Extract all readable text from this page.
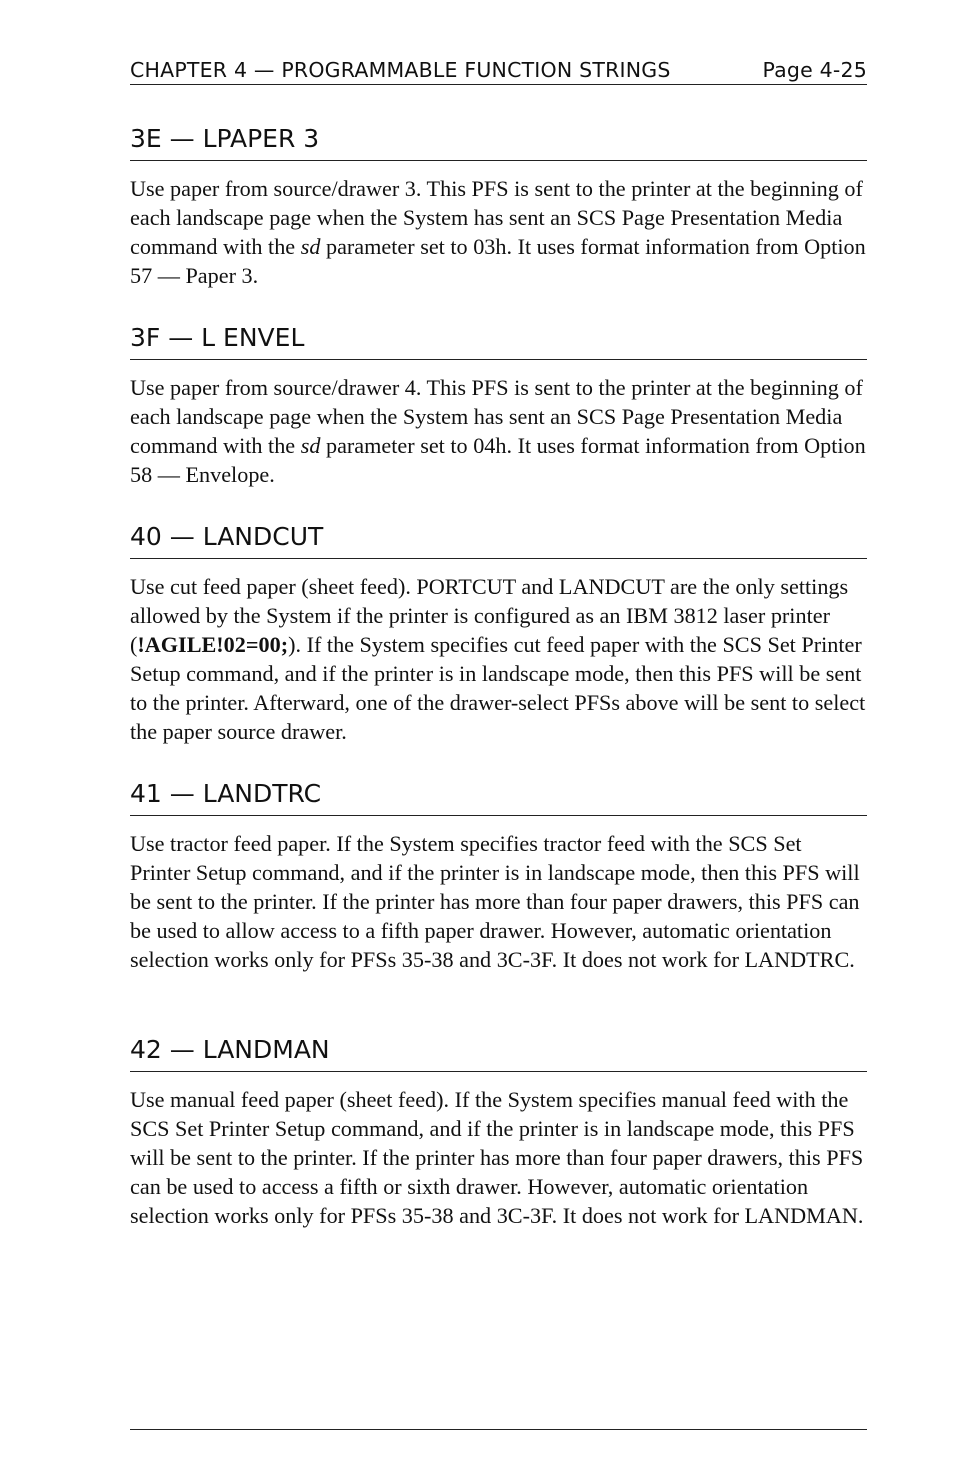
CHAPTER 4 — PROGRAMMABLE FUNCTION STRINGS	Page 4-25
3E — LPAPER 3

Use paper from source/drawer 3. This PFS is sent to the printer at the beginning of each landscape page when the System has sent an SCS Page Presentation Media command with the sd parameter set to 03h. It uses format information from Option 57 — Paper 3.

3F — L ENVEL

Use paper from source/drawer 4. This PFS is sent to the printer at the beginning of each landscape page when the System has sent an SCS Page Presentation Media command with the sd parameter set to 04h. It uses format information from Option 58 — Envelope.

40 — LANDCUT

Use cut feed paper (sheet feed). PORTCUT and LANDCUT are the only settings allowed by the System if the printer is configured as an IBM 3812 laser printer (!AGILE!02=00;). If the System specifies cut feed paper with the SCS Set Printer Setup command, and if the printer is in landscape mode, then this PFS will be sent to the printer. Afterward, one of the drawer-select PFSs above will be sent to select the paper source drawer.

41 — LANDTRC

Use tractor feed paper. If the System specifies tractor feed with the SCS Set Printer Setup command, and if the printer is in landscape mode, then this PFS will be sent to the printer. If the printer has more than four paper drawers, this PFS can be used to allow access to a fifth paper drawer. However, automatic orientation selection works only for PFSs 35-38 and 3C-3F. It does not work for LANDTRC.

42 — LANDMAN

Use manual feed paper (sheet feed). If the System specifies manual feed with the SCS Set Printer Setup command, and if the printer is in landscape mode, this PFS will be sent to the printer. If the printer has more than four paper drawers, this PFS can be used to access a fifth or sixth drawer. However, automatic orientation selection works only for PFSs 35-38 and 3C-3F. It does not work for LANDMAN.
